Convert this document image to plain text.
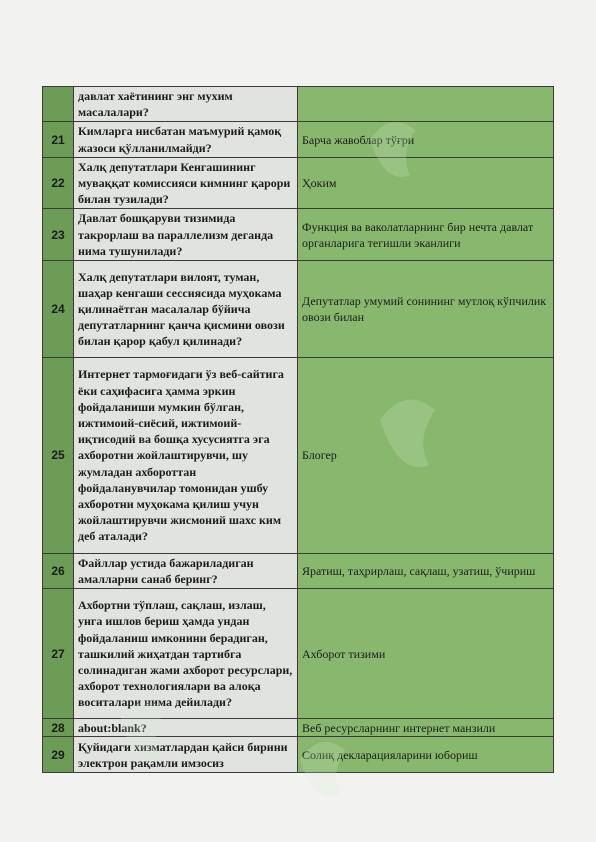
	давлат хаётининг энг мухим масалалари?	
21	Кимларга нисбатан маъмурий қамоқ жазоси қўлланилмайди?	Барча жавоблар тўғри
22	Халқ депутатлари Кенгашининг муваққат комиссияси кимнинг қарори билан тузилади?	Ҳоким
23	Давлат бошқаруви тизимида такрорлаш ва параллелизм деганда нима тушунилади?	Функция ва ваколатларнинг бир нечта давлат органларига тегишли эканлиги
24	Халқ депутатлари вилоят, туман, шаҳар кенгаши сессиясида муҳокама қилинаётган масалалар бўйича депутатларнинг қанча қисмини овози билан қарор қабул қилинади?	Депутатлар умумий сонининг мутлоқ кўпчилик овози билан
25	Интернет тармоғидаги ўз веб-сайтига ёки саҳифасига ҳамма эркин фойдаланиши мумкин бўлган, ижтимоий-сиёсий, ижтимоий-иқтисодий ва бошқа хусусиятга эга ахборотни жойлаштирувчи, шу жумладан ахбороттан фойдаланувчилар томонидан ушбу ахборотни муҳокама қилиш учун жойлаштирувчи жисмоний шахс ким деб аталади?	Блогер
26	Файллар устида бажариладиган амалларни санаб беринг?	Яратиш, таҳрирлаш, сақлаш, узатиш, ўчириш
27	Ахбортни тўплаш, сақлаш, излаш, унга ишлов бериш ҳамда ундан фойдаланиш имконини берадиган, ташкилий жиҳатдан тартибга солинадиган жами ахборот ресурслари, ахборот технологиялари ва алоқа воситалари нима дейилади?	Ахборот тизими
28	about:blank?	Веб ресурсларнинг интернет манзили
29	Қуйидаги хизматлардан қайси бирини электрон рақамли имзосиз	Солиқ декларацияларини юбориш
